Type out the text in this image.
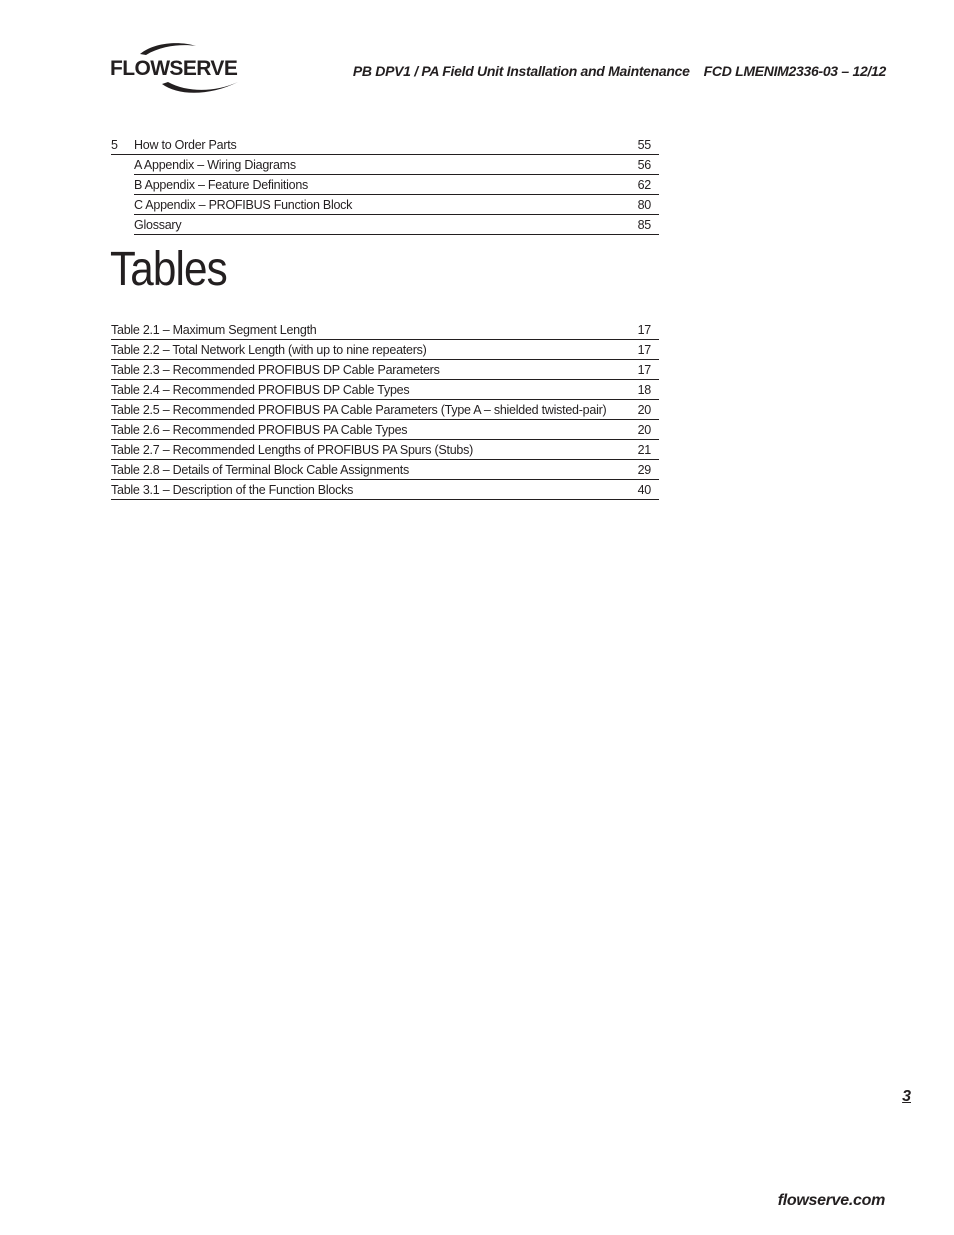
FLOWSERVE	PB DPV1 / PA Field Unit Installation and Maintenance FCD LMENIM2336-03 – 12/12
5 How to Order Parts	55
A Appendix – Wiring Diagrams	56
B Appendix – Feature Definitions	62
C Appendix – PROFIBUS Function Block	80
Glossary	85
Tables
Table 2.1 – Maximum Segment Length	17
Table 2.2 – Total Network Length (with up to nine repeaters)	17
Table 2.3 – Recommended PROFIBUS DP Cable Parameters	17
Table 2.4 – Recommended PROFIBUS DP Cable Types	18
Table 2.5 – Recommended PROFIBUS PA Cable Parameters (Type A – shielded twisted-pair) 20
Table 2.6 – Recommended PROFIBUS PA Cable Types	20
Table 2.7 – Recommended Lengths of PROFIBUS PA Spurs (Stubs)	21
Table 2.8 – Details of Terminal Block Cable Assignments	29
Table 3.1 – Description of the Function Blocks	40
3
flowserve.com
